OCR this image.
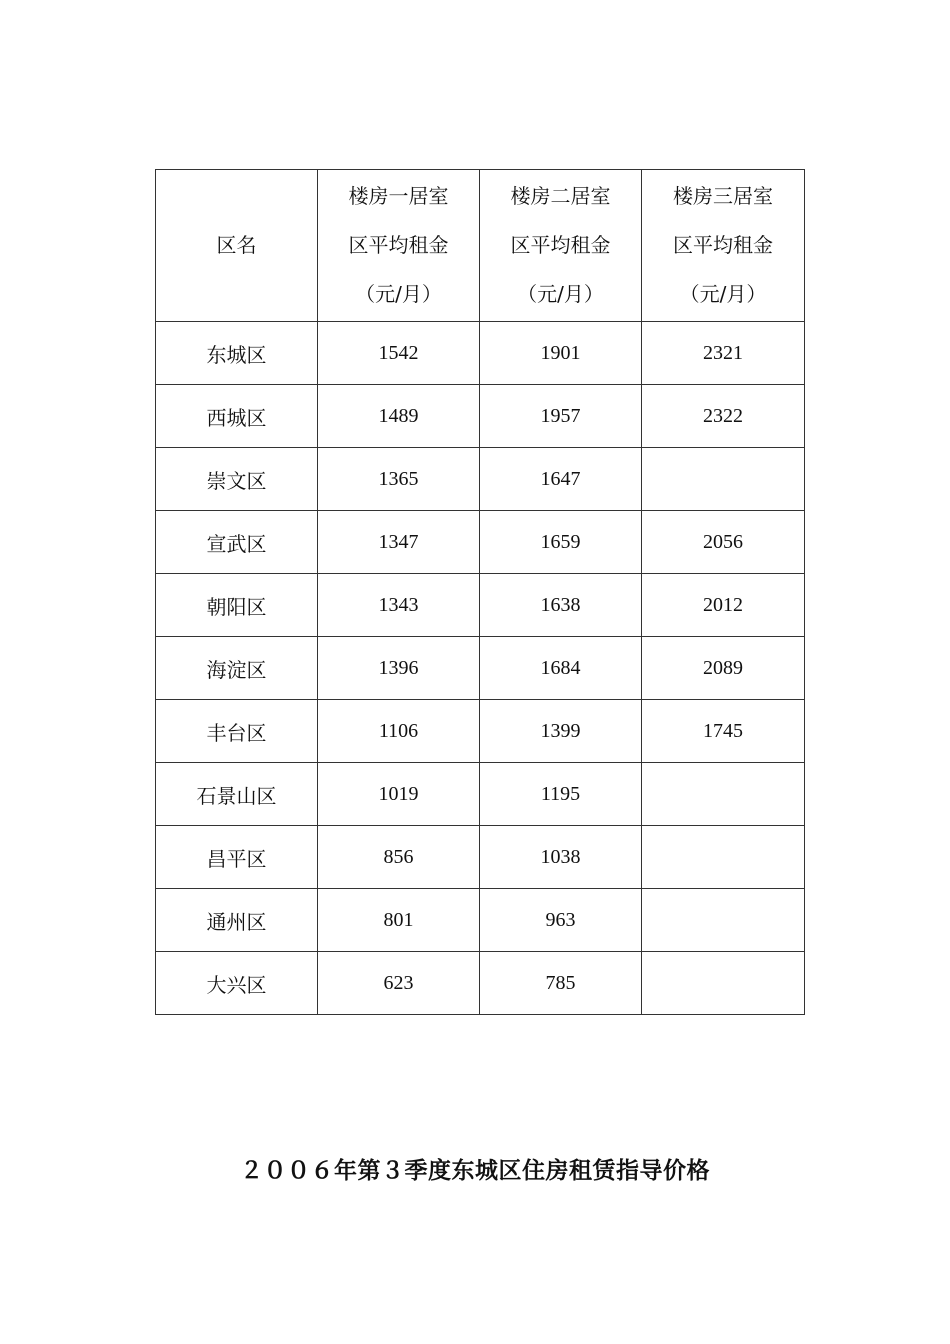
区名	楼房一居室
区平均租金
（元/月）	楼房二居室
区平均租金
（元/月）	楼房三居室
区平均租金
（元/月）

东城区	1542	1901	2321
西城区	1489	1957	2322
崇文区	1365	1647	
宣武区	1347	1659	2056
朝阳区	1343	1638	2012
海淀区	1396	1684	2089
丰台区	1106	1399	1745
石景山区	1019	1195	
昌平区	856	1038	
通州区	801	963	
大兴区	623	785	
２００６年第３季度东城区住房租赁指导价格
